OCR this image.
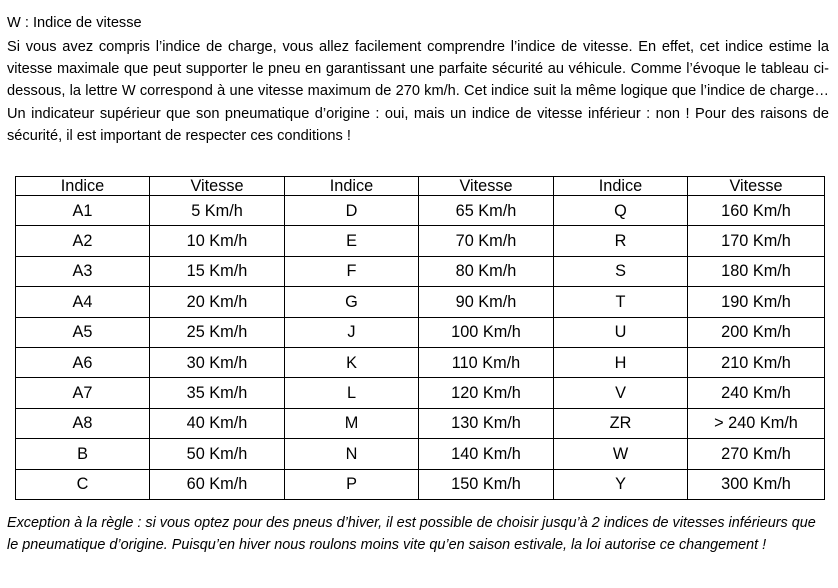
W : Indice de vitesse
Si vous avez compris l’indice de charge, vous allez facilement comprendre l’indice de vitesse. En effet, cet indice estime la vitesse maximale que peut supporter le pneu en garantissant une parfaite sécurité au véhicule. Comme l’évoque le tableau ci-dessous, la lettre W correspond à une vitesse maximum de 270 km/h. Cet indice suit la même logique que l’indice de charge… Un indicateur supérieur que son pneumatique d’origine : oui, mais un indice de vitesse inférieur : non ! Pour des raisons de sécurité, il est important de respecter ces conditions !
Indice	Vitesse	Indice	Vitesse	Indice	Vitesse
A1	5 Km/h	D	65 Km/h	Q	160 Km/h
A2	10 Km/h	E	70 Km/h	R	170 Km/h
A3	15 Km/h	F	80 Km/h	S	180 Km/h
A4	20 Km/h	G	90 Km/h	T	190 Km/h
A5	25 Km/h	J	100 Km/h	U	200 Km/h
A6	30 Km/h	K	110 Km/h	H	210 Km/h
A7	35 Km/h	L	120 Km/h	V	240 Km/h
A8	40 Km/h	M	130 Km/h	ZR	> 240 Km/h
B	50 Km/h	N	140 Km/h	W	270 Km/h
C	60 Km/h	P	150 Km/h	Y	300 Km/h
Exception à la règle : si vous optez pour des pneus d’hiver, il est possible de choisir jusqu’à 2 indices de vitesses inférieurs que le pneumatique d’origine. Puisqu’en hiver nous roulons moins vite qu’en saison estivale, la loi autorise ce changement !
